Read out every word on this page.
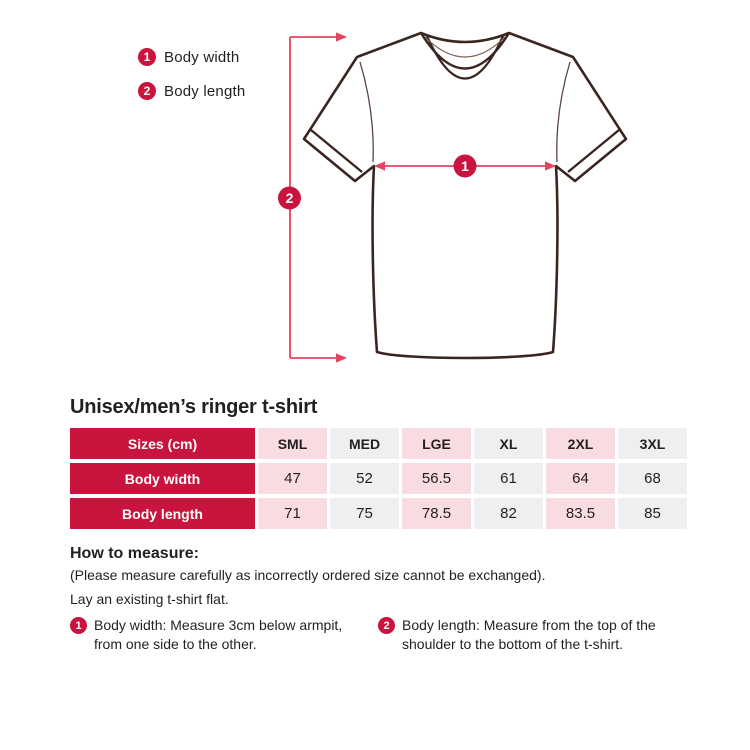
1
2
1 Body width
2 Body length
Unisex/men’s ringer t-shirt
Sizes (cm)	SML	MED	LGE	XL	2XL	3XL
Body width	47	52	56.5	61	64	68
Body length	71	75	78.5	82	83.5	85
How to measure:
(Please measure carefully as incorrectly ordered size cannot be exchanged).
Lay an existing t-shirt flat.
1 Body width: Measure 3cm below armpit,
from one side to the other.
2 Body length: Measure from the top of the
shoulder to the bottom of the t-shirt.
